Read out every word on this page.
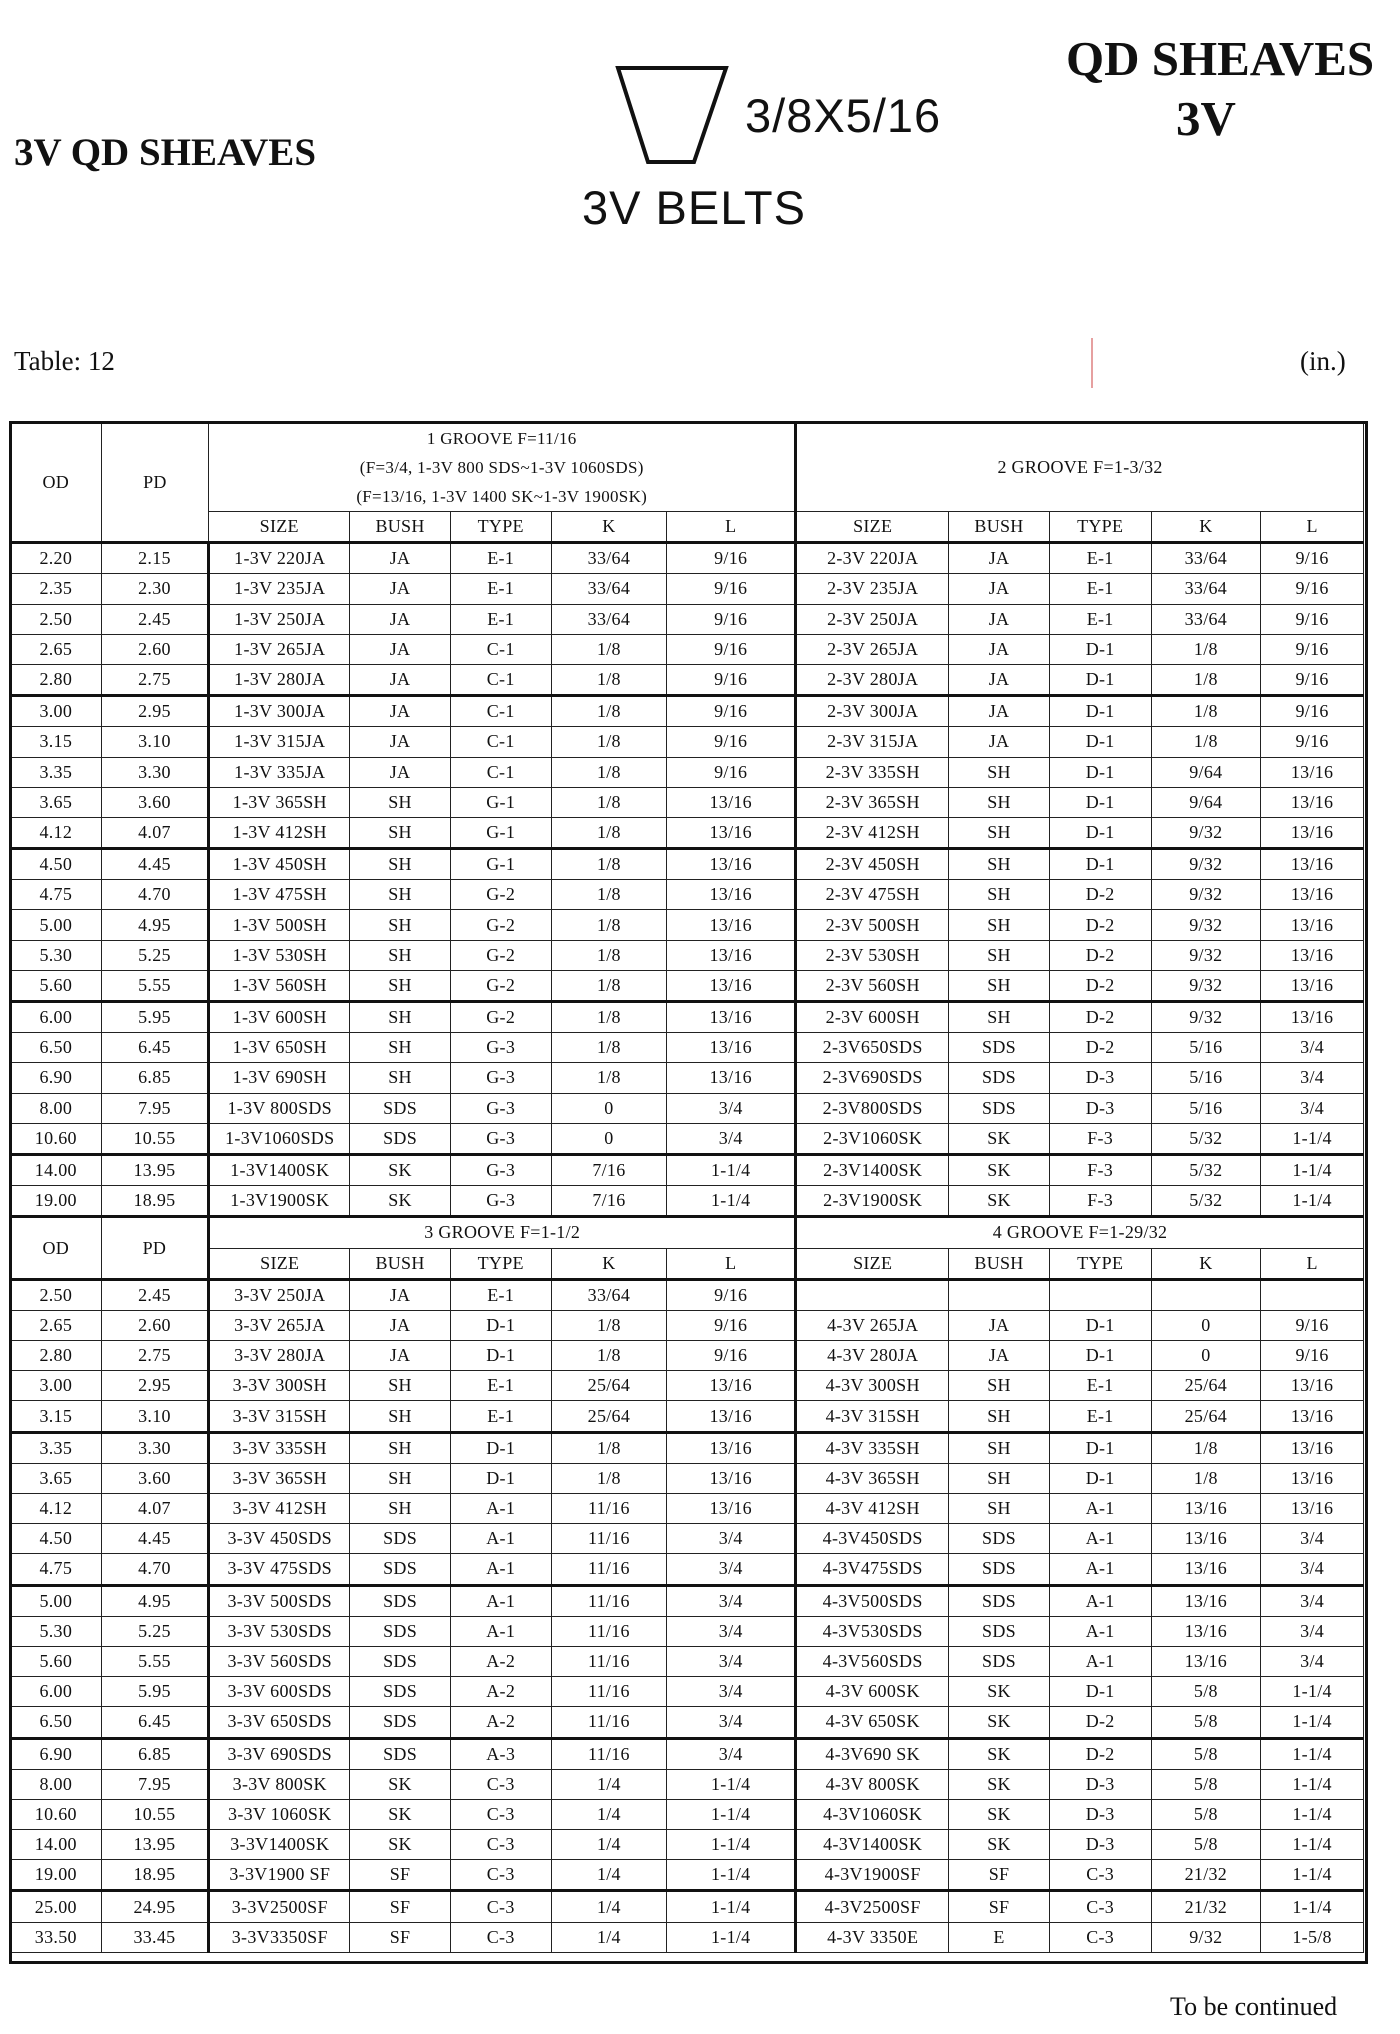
3V QD SHEAVES
QD SHEAVES
3V
3/8X5/16
3V BELTS
Table: 12	(in.)
OD	PD	1 GROOVE F=11/16
(F=3/4, 1-3V 800 SDS~1-3V 1060SDS)
(F=13/16, 1-3V 1400 SK~1-3V 1900SK)					2 GROOVE F=1-3/32				
		SIZE	BUSH	TYPE	K	L	SIZE	BUSH	TYPE	K	L
2.20	2.15	1-3V 220JA	JA	E-1	33/64	9/16	2-3V 220JA	JA	E-1	33/64	9/16
2.35	2.30	1-3V 235JA	JA	E-1	33/64	9/16	2-3V 235JA	JA	E-1	33/64	9/16
2.50	2.45	1-3V 250JA	JA	E-1	33/64	9/16	2-3V 250JA	JA	E-1	33/64	9/16
2.65	2.60	1-3V 265JA	JA	C-1	1/8	9/16	2-3V 265JA	JA	D-1	1/8	9/16
2.80	2.75	1-3V 280JA	JA	C-1	1/8	9/16	2-3V 280JA	JA	D-1	1/8	9/16
3.00	2.95	1-3V 300JA	JA	C-1	1/8	9/16	2-3V 300JA	JA	D-1	1/8	9/16
3.15	3.10	1-3V 315JA	JA	C-1	1/8	9/16	2-3V 315JA	JA	D-1	1/8	9/16
3.35	3.30	1-3V 335JA	JA	C-1	1/8	9/16	2-3V 335SH	SH	D-1	9/64	13/16
3.65	3.60	1-3V 365SH	SH	G-1	1/8	13/16	2-3V 365SH	SH	D-1	9/64	13/16
4.12	4.07	1-3V 412SH	SH	G-1	1/8	13/16	2-3V 412SH	SH	D-1	9/32	13/16
4.50	4.45	1-3V 450SH	SH	G-1	1/8	13/16	2-3V 450SH	SH	D-1	9/32	13/16
4.75	4.70	1-3V 475SH	SH	G-2	1/8	13/16	2-3V 475SH	SH	D-2	9/32	13/16
5.00	4.95	1-3V 500SH	SH	G-2	1/8	13/16	2-3V 500SH	SH	D-2	9/32	13/16
5.30	5.25	1-3V 530SH	SH	G-2	1/8	13/16	2-3V 530SH	SH	D-2	9/32	13/16
5.60	5.55	1-3V 560SH	SH	G-2	1/8	13/16	2-3V 560SH	SH	D-2	9/32	13/16
6.00	5.95	1-3V 600SH	SH	G-2	1/8	13/16	2-3V 600SH	SH	D-2	9/32	13/16
6.50	6.45	1-3V 650SH	SH	G-3	1/8	13/16	2-3V650SDS	SDS	D-2	5/16	3/4
6.90	6.85	1-3V 690SH	SH	G-3	1/8	13/16	2-3V690SDS	SDS	D-3	5/16	3/4
8.00	7.95	1-3V 800SDS	SDS	G-3	0	3/4	2-3V800SDS	SDS	D-3	5/16	3/4
10.60	10.55	1-3V1060SDS	SDS	G-3	0	3/4	2-3V1060SK	SK	F-3	5/32	1-1/4
14.00	13.95	1-3V1400SK	SK	G-3	7/16	1-1/4	2-3V1400SK	SK	F-3	5/32	1-1/4
19.00	18.95	1-3V1900SK	SK	G-3	7/16	1-1/4	2-3V1900SK	SK	F-3	5/32	1-1/4
OD	PD	3 GROOVE F=1-1/2					4 GROOVE F=1-29/32				
		SIZE	BUSH	TYPE	K	L	SIZE	BUSH	TYPE	K	L
2.50	2.45	3-3V 250JA	JA	E-1	33/64	9/16					
2.65	2.60	3-3V 265JA	JA	D-1	1/8	9/16	4-3V 265JA	JA	D-1	0	9/16
2.80	2.75	3-3V 280JA	JA	D-1	1/8	9/16	4-3V 280JA	JA	D-1	0	9/16
3.00	2.95	3-3V 300SH	SH	E-1	25/64	13/16	4-3V 300SH	SH	E-1	25/64	13/16
3.15	3.10	3-3V 315SH	SH	E-1	25/64	13/16	4-3V 315SH	SH	E-1	25/64	13/16
3.35	3.30	3-3V 335SH	SH	D-1	1/8	13/16	4-3V 335SH	SH	D-1	1/8	13/16
3.65	3.60	3-3V 365SH	SH	D-1	1/8	13/16	4-3V 365SH	SH	D-1	1/8	13/16
4.12	4.07	3-3V 412SH	SH	A-1	11/16	13/16	4-3V 412SH	SH	A-1	13/16	13/16
4.50	4.45	3-3V 450SDS	SDS	A-1	11/16	3/4	4-3V450SDS	SDS	A-1	13/16	3/4
4.75	4.70	3-3V 475SDS	SDS	A-1	11/16	3/4	4-3V475SDS	SDS	A-1	13/16	3/4
5.00	4.95	3-3V 500SDS	SDS	A-1	11/16	3/4	4-3V500SDS	SDS	A-1	13/16	3/4
5.30	5.25	3-3V 530SDS	SDS	A-1	11/16	3/4	4-3V530SDS	SDS	A-1	13/16	3/4
5.60	5.55	3-3V 560SDS	SDS	A-2	11/16	3/4	4-3V560SDS	SDS	A-1	13/16	3/4
6.00	5.95	3-3V 600SDS	SDS	A-2	11/16	3/4	4-3V 600SK	SK	D-1	5/8	1-1/4
6.50	6.45	3-3V 650SDS	SDS	A-2	11/16	3/4	4-3V 650SK	SK	D-2	5/8	1-1/4
6.90	6.85	3-3V 690SDS	SDS	A-3	11/16	3/4	4-3V690 SK	SK	D-2	5/8	1-1/4
8.00	7.95	3-3V 800SK	SK	C-3	1/4	1-1/4	4-3V 800SK	SK	D-3	5/8	1-1/4
10.60	10.55	3-3V 1060SK	SK	C-3	1/4	1-1/4	4-3V1060SK	SK	D-3	5/8	1-1/4
14.00	13.95	3-3V1400SK	SK	C-3	1/4	1-1/4	4-3V1400SK	SK	D-3	5/8	1-1/4
19.00	18.95	3-3V1900 SF	SF	C-3	1/4	1-1/4	4-3V1900SF	SF	C-3	21/32	1-1/4
25.00	24.95	3-3V2500SF	SF	C-3	1/4	1-1/4	4-3V2500SF	SF	C-3	21/32	1-1/4
33.50	33.45	3-3V3350SF	SF	C-3	1/4	1-1/4	4-3V 3350E	E	C-3	9/32	1-5/8
To be continued
